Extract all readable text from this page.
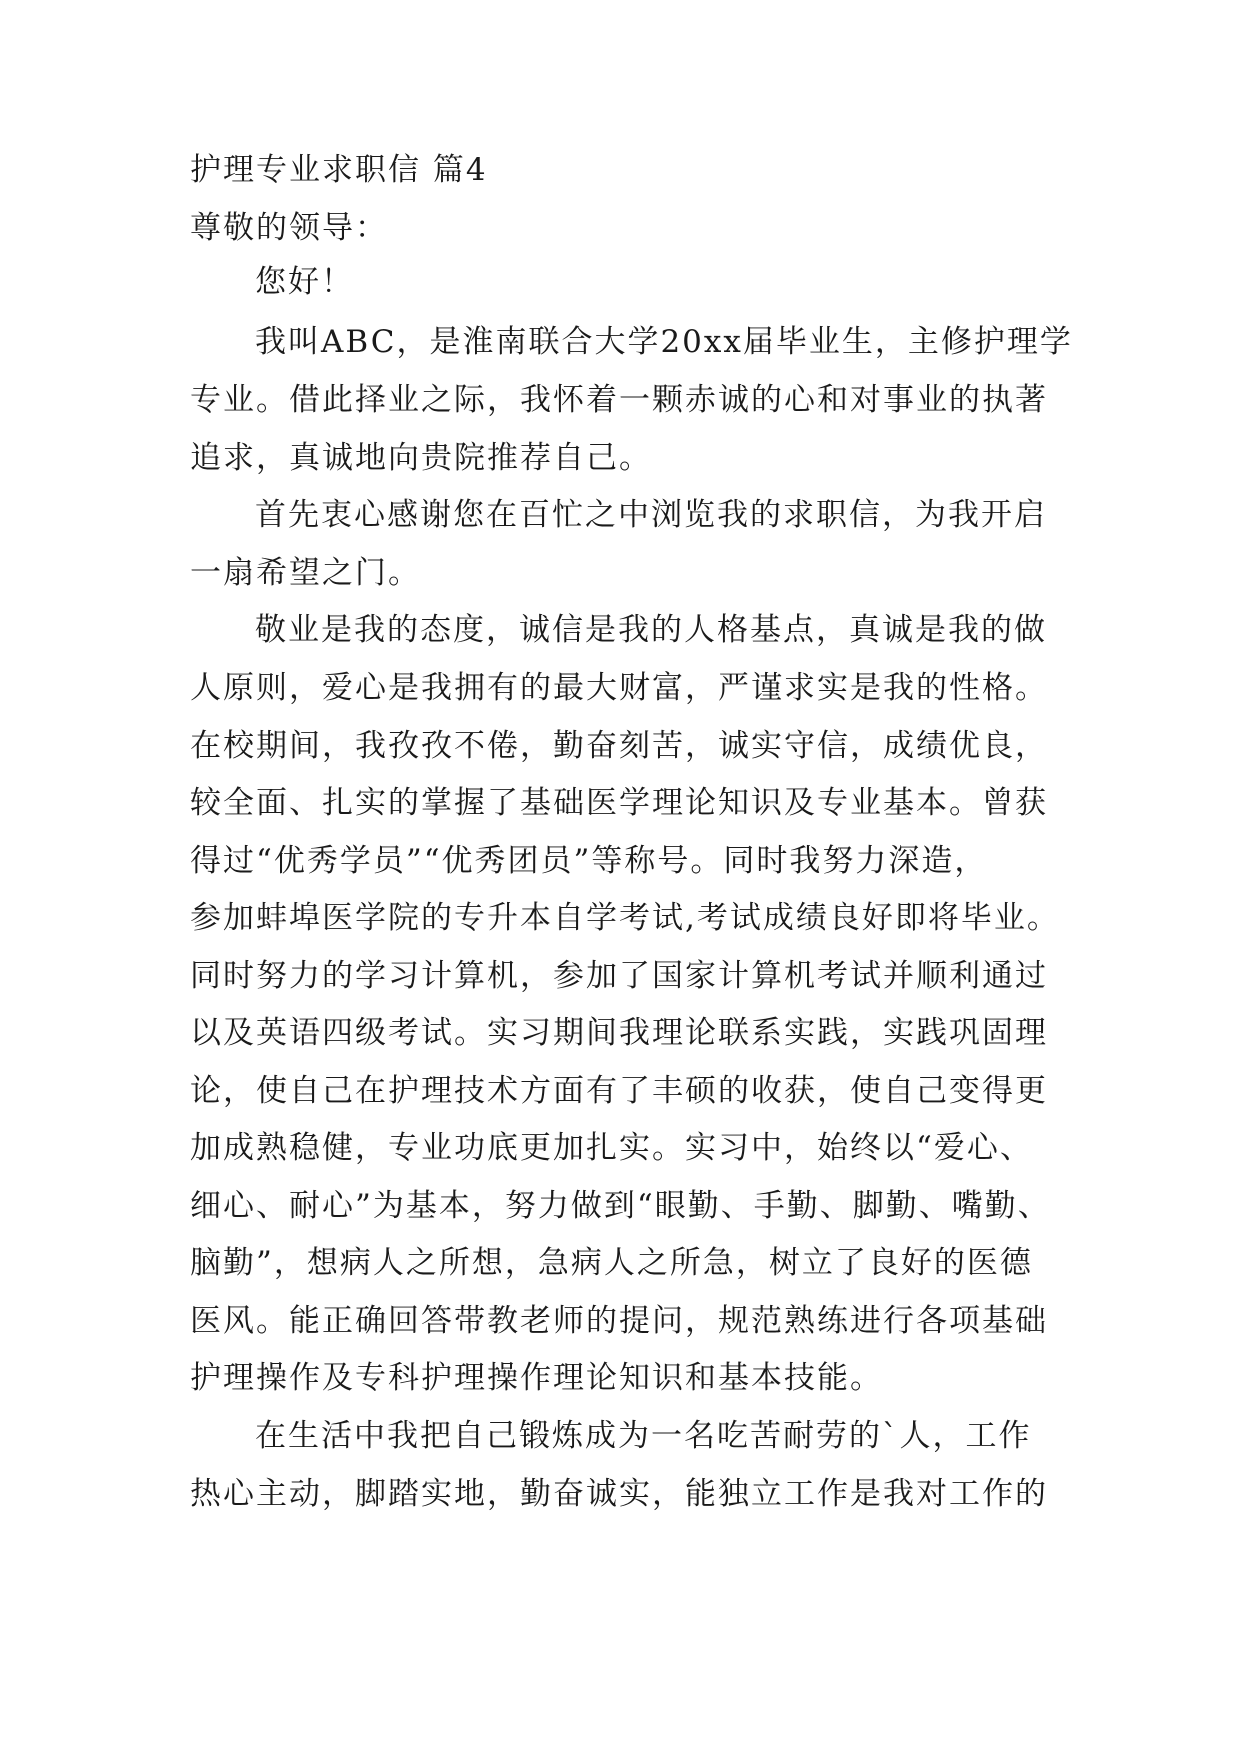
护理专业求职信 篇4
尊敬的领导：
您好！
我叫ABC，是淮南联合大学20xx届毕业生，主修护理学
专业。借此择业之际，我怀着一颗赤诚的心和对事业的执著
追求，真诚地向贵院推荐自己。
首先衷心感谢您在百忙之中浏览我的求职信，为我开启
一扇希望之门。
敬业是我的态度，诚信是我的人格基点，真诚是我的做
人原则，爱心是我拥有的最大财富，严谨求实是我的性格。
在校期间，我孜孜不倦，勤奋刻苦，诚实守信，成绩优良，
较全面、扎实的掌握了基础医学理论知识及专业基本。曾获
得过“优秀学员”“优秀团员”等称号。同时我努力深造，
参加蚌埠医学院的专升本自学考试,考试成绩良好即将毕业。
同时努力的学习计算机，参加了国家计算机考试并顺利通过
以及英语四级考试。实习期间我理论联系实践，实践巩固理
论，使自己在护理技术方面有了丰硕的收获，使自己变得更
加成熟稳健，专业功底更加扎实。实习中，始终以“爱心、
细心、耐心”为基本，努力做到“眼勤、手勤、脚勤、嘴勤、
脑勤”，想病人之所想，急病人之所急，树立了良好的医德
医风。能正确回答带教老师的提问，规范熟练进行各项基础
护理操作及专科护理操作理论知识和基本技能。
在生活中我把自己锻炼成为一名吃苦耐劳的`人，工作
热心主动，脚踏实地，勤奋诚实，能独立工作是我对工作的
